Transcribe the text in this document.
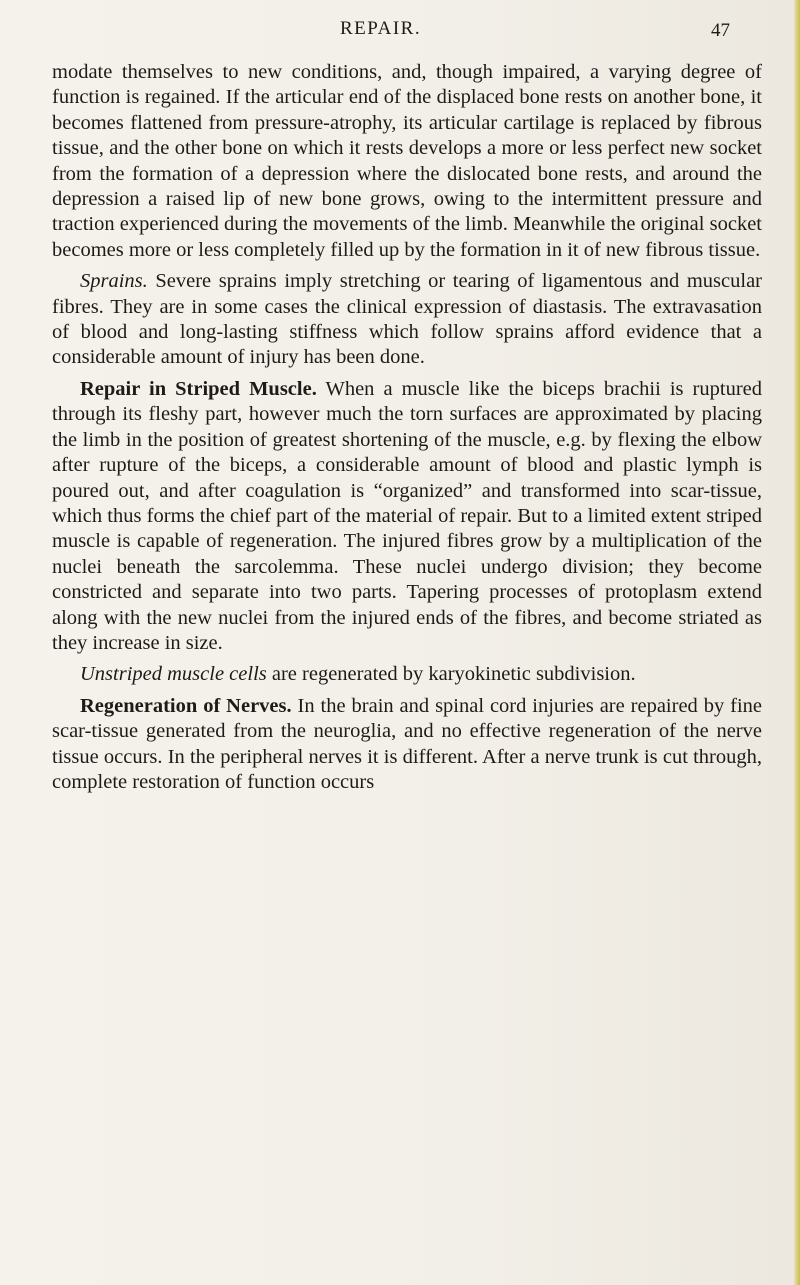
REPAIR.	47

modate themselves to new conditions, and, though impaired, a varying degree of function is regained. If the articular end of the displaced bone rests on another bone, it becomes flattened from pressure-atrophy, its articular cartilage is replaced by fibrous tissue, and the other bone on which it rests develops a more or less perfect new socket from the formation of a depression where the dislocated bone rests, and around the depression a raised lip of new bone grows, owing to the intermittent pressure and traction experienced during the movements of the limb. Meanwhile the original socket becomes more or less completely filled up by the formation in it of new fibrous tissue.

Sprains. Severe sprains imply stretching or tearing of ligamentous and muscular fibres. They are in some cases the clinical expression of diastasis. The extravasation of blood and long-lasting stiffness which follow sprains afford evidence that a considerable amount of injury has been done.

Repair in Striped Muscle. When a muscle like the biceps brachii is ruptured through its fleshy part, however much the torn surfaces are approximated by placing the limb in the position of greatest shortening of the muscle, e.g. by flexing the elbow after rupture of the biceps, a considerable amount of blood and plastic lymph is poured out, and after coagulation is “organized” and transformed into scar-tissue, which thus forms the chief part of the material of repair. But to a limited extent striped muscle is capable of regeneration. The injured fibres grow by a multiplication of the nuclei beneath the sarcolemma. These nuclei undergo division; they become constricted and separate into two parts. Tapering processes of protoplasm extend along with the new nuclei from the injured ends of the fibres, and become striated as they increase in size.

Unstriped muscle cells are regenerated by karyokinetic subdivision.

Regeneration of Nerves. In the brain and spinal cord injuries are repaired by fine scar-tissue generated from the neuroglia, and no effective regeneration of the nerve tissue occurs. In the peripheral nerves it is different. After a nerve trunk is cut through, complete restoration of function occurs
